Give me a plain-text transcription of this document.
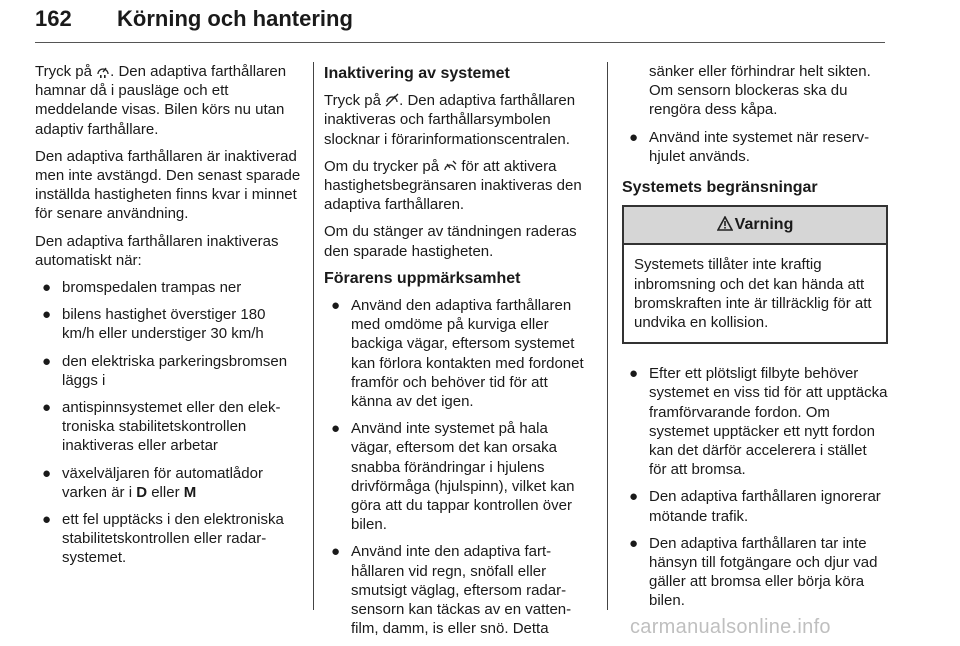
162 Körning och hantering

Tryck på . Den adaptiva farthållaren hamnar då i pausläge och ett meddelande visas. Bilen körs nu utan adaptiv farthållare.

Den adaptiva farthållaren är inaktiverad men inte avstängd. Den senast sparade inställda hastigheten finns kvar i minnet för senare användning.

Den adaptiva farthållaren inaktiveras automatiskt när:

● bromspedalen trampas ner
● bilens hastighet överstiger 180 km/h eller understiger 30 km/h
● den elektriska parkeringsbromsen läggs i
● antispinnsystemet eller den elektroniska stabilitetskontrollen inaktiveras eller arbetar
● växelväljaren för automatlådor varken är i D eller M
● ett fel upptäcks i den elektroniska stabilitetskontrollen eller radarsystemet.
Inaktivering av systemet

Tryck på . Den adaptiva farthållaren inaktiveras och farthållarsymbolen slocknar i förarinformationscentralen.

Om du trycker på  för att aktivera hastighetsbegränsaren inaktiveras den adaptiva farthållaren.

Om du stänger av tändningen raderas den sparade hastigheten.

Förarens uppmärksamhet
● Använd den adaptiva farthållaren med omdöme på kurviga eller backiga vägar, eftersom systemet kan förlora kontakten med fordonet framför och behöver tid för att känna av det igen.
● Använd inte systemet på hala vägar, eftersom det kan orsaka snabba förändringar i hjulens drivförmåga (hjulspinn), vilket kan göra att du tappar kontrollen över bilen.
● Använd inte den adaptiva farthållaren vid regn, snöfall eller smutsigt väglag, eftersom radarsensorn kan täckas av en vattenfilm, damm, is eller snö. Detta

sänker eller förhindrar helt sikten. Om sensorn blockeras ska du rengöra dess kåpa.

● Använd inte systemet när reservhjulet används.
Systemets begränsningar
Varning

Systemets tillåter inte kraftig inbromsning och det kan hända att bromskraften inte är tillräcklig för att undvika en kollision.

● Efter ett plötsligt filbyte behöver systemet en viss tid för att upptäcka framförvarande fordon. Om systemet upptäcker ett nytt fordon kan det därför accelerera i stället för att bromsa.
● Den adaptiva farthållaren ignorerar mötande trafik.
● Den adaptiva farthållaren tar inte hänsyn till fotgängare och djur vad gäller att bromsa eller börja köra bilen.
carmanualsonline.info
